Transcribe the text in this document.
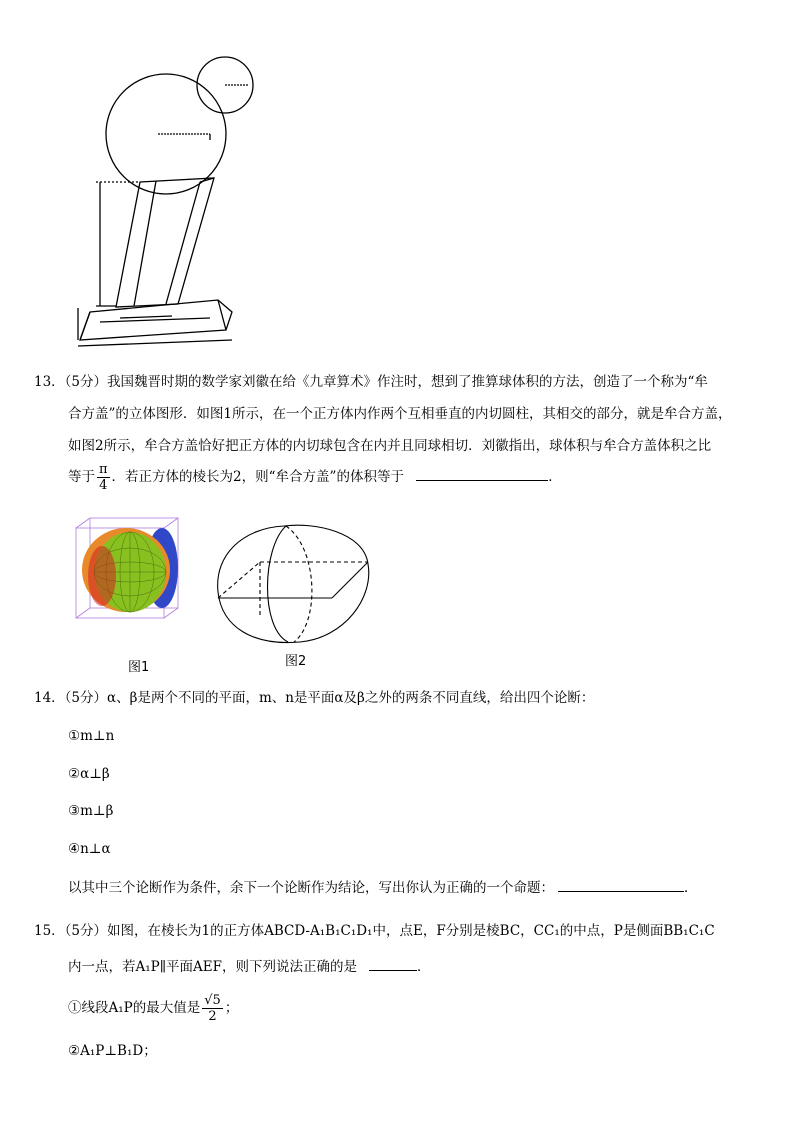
13．（5分）我国魏晋时期的数学家刘徽在给《九章算术》作注时，想到了推算球体积的方法，创造了一个称为“牟
合方盖”的立体图形．如图1所示，在一个正方体内作两个互相垂直的内切圆柱，其相交的部分，就是牟合方盖，
如图2所示，牟合方盖恰好把正方体的内切球包含在内并且同球相切．刘徽指出，球体积与牟合方盖体积之比
等于 $\frac{\pi}{4}$ ．若正方体的棱长为2，则“牟合方盖”的体积等于	．
图1	图2
14．（5分）α、β是两个不同的平面，m、n是平面α及β之外的两条不同直线，给出四个论断：
①m⊥n
②α⊥β
③m⊥β
④n⊥α
以其中三个论断作为条件，余下一个论断作为结论，写出你认为正确的一个命题：	．
15．（5分）如图，在棱长为1的正方体ABCD-A₁B₁C₁D₁中，点E，F分别是棱BC，CC₁的中点，P是侧面BB₁C₁C
内一点，若A₁P∥平面AEF，则下列说法正确的是	．
①线段A₁P的最大值是 $\frac{√5}{2}$ ；
②A₁P⊥B₁D；
